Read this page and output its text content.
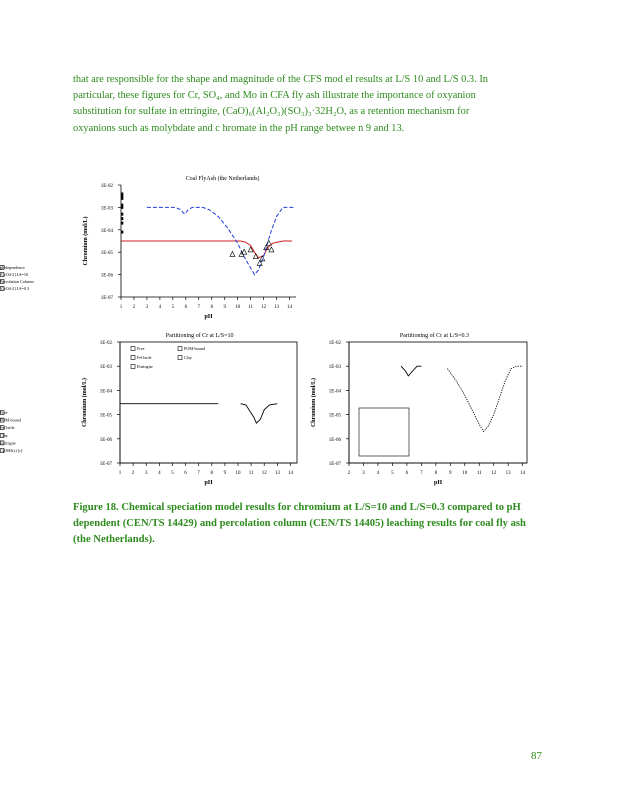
that are responsible for the shape and magnitude of the CFS mod el results at L/S 10 and L/S 0.3. In
particular, these figures for Cr, SO₄, and Mo in CFA fly ash illustrate the importance of oxyanion
substitution for sulfate in ettringite, (CaO)₆(Al₂O₃)(SO₃)₃·32H₂O, as a retention mechanism for
oxyanions such as molybdate and c hromate in the pH range betwee n 9 and 13.
1E-02
1E-03
1E-04
1E-05
1E-06
1E-07
1 2 3 4 5 6 7 8 9 10 11 12 13 14
Coal FlyAsh (the Netherlands)
pH
Chromium (mol/L)
pHdependence
[CrO4-2] LS=10
Percolation Column
[CrO4-2] LS=0.3
1E-02
1E-03
1E-04
1E-05
1E-06
1E-07
1 2 3 4 5 6 7 8 9 10 11 12 13 14
Partitioning of Cr at L/S=10
pH
Chromium (mol/L)
Free	POM-bound
FeOxide	Clay
Ettringite
1E-02
1E-03
1E-04
1E-05
1E-06
1E-07
2 3 4 5 6 7 8 9 10 11 12 13 14
Partitioning of Cr at L/S=0.3
pH
Chromium (mol/L)
Free
POM-bound
FeOxide
Clay
Ettringite
CrOH3(s) [c]
Figure 18. Chemical speciation model results for chromium at L/S=10 and L/S=0.3 compared to pH
dependent (CEN/TS 14429) and percolation column (CEN/TS 14405) leaching results for coal fly ash
(the Netherlands).
87
